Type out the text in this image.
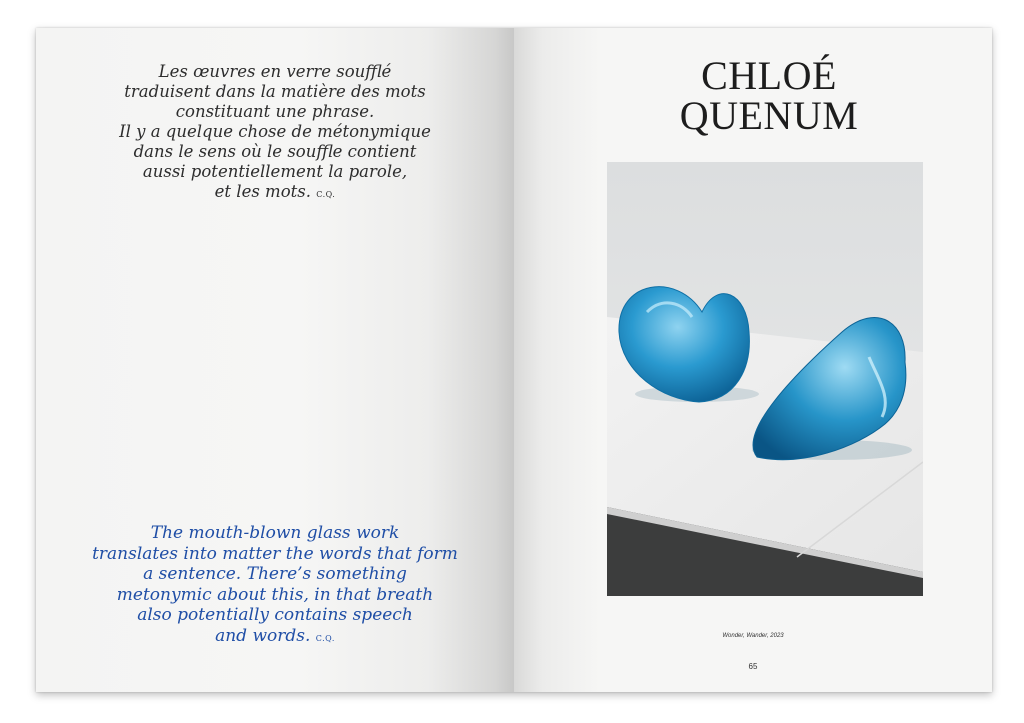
Les œuvres en verre soufflé
traduisent dans la matière des mots
constituant une phrase.
Il y a quelque chose de métonymique
dans le sens où le souffle contient
aussi potentiellement la parole,
et les mots. C.Q.
The mouth-blown glass work
translates into matter the words that form
a sentence. There’s something
metonymic about this, in that breath
also potentially contains speech
and words. C.Q.
CHLOÉ
QUENUM
Wonder, Wander, 2023
65
